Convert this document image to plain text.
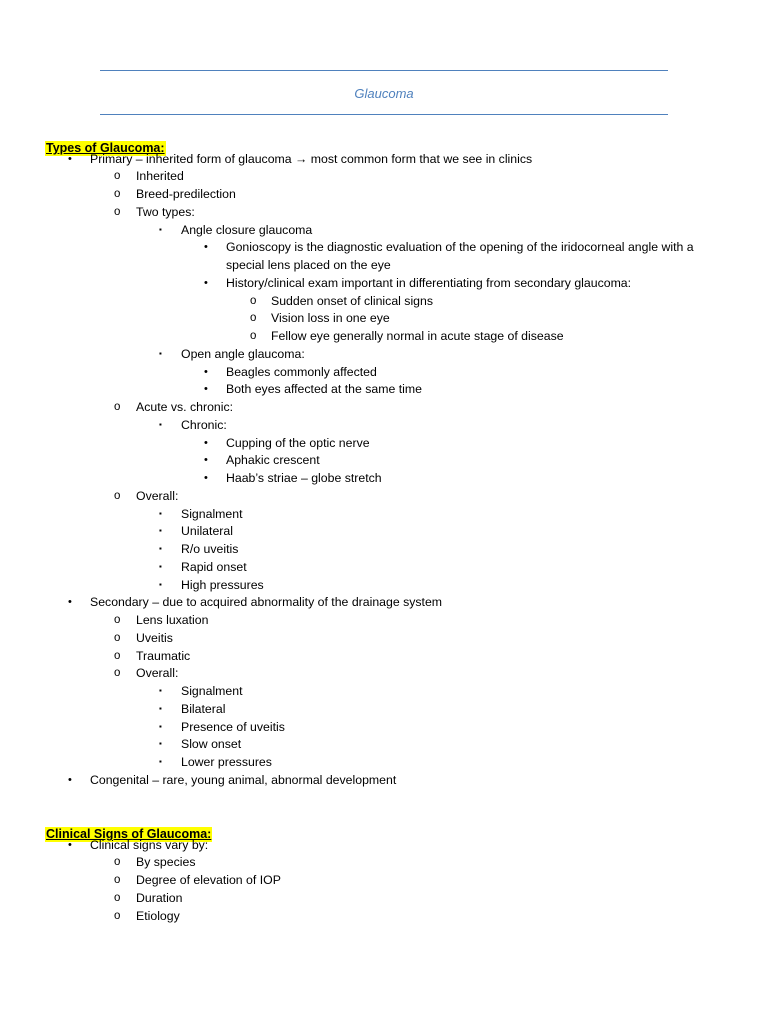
Glaucoma
Types of Glaucoma:
• Primary – inherited form of glaucoma → most common form that we see in clinics
o Inherited
o Breed-predilection
o Two types:
▪ Angle closure glaucoma
• Gonioscopy is the diagnostic evaluation of the opening of the iridocorneal angle with a
special lens placed on the eye
• History/clinical exam important in differentiating from secondary glaucoma:
o Sudden onset of clinical signs
o Vision loss in one eye
o Fellow eye generally normal in acute stage of disease
▪ Open angle glaucoma:
• Beagles commonly affected
• Both eyes affected at the same time
o Acute vs. chronic:
▪ Chronic:
• Cupping of the optic nerve
• Aphakic crescent
• Haab’s striae – globe stretch
o Overall:
▪ Signalment
▪ Unilateral
▪ R/o uveitis
▪ Rapid onset
▪ High pressures
• Secondary – due to acquired abnormality of the drainage system
o Lens luxation
o Uveitis
o Traumatic
o Overall:
▪ Signalment
▪ Bilateral
▪ Presence of uveitis
▪ Slow onset
▪ Lower pressures
• Congenital – rare, young animal, abnormal development
Clinical Signs of Glaucoma:
• Clinical signs vary by:
o By species
o Degree of elevation of IOP
o Duration
o Etiology
